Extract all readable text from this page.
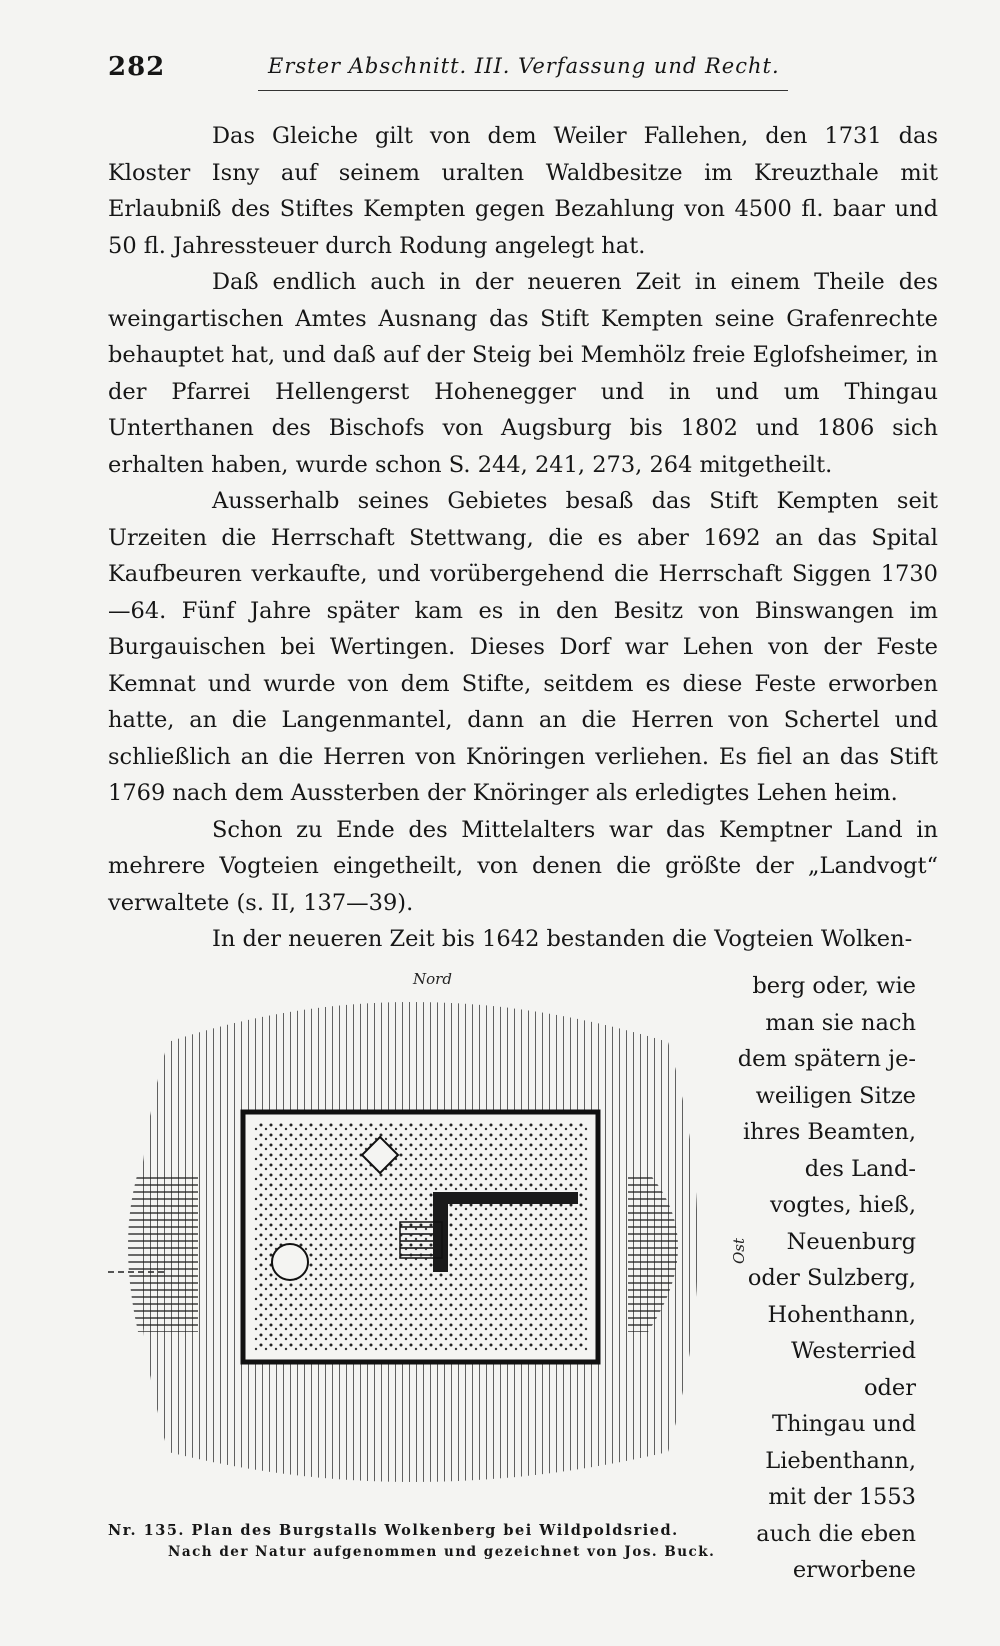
282	Erster Abschnitt. III. Verfassung und Recht.

Das Gleiche gilt von dem Weiler Fallehen, den 1731 das Kloster Isny auf seinem uralten Waldbesitze im Kreuzthale mit Erlaubniß des Stiftes Kempten gegen Bezahlung von 4500 fl. baar und 50 fl. Jahressteuer durch Rodung angelegt hat.

Daß endlich auch in der neueren Zeit in einem Theile des weingartischen Amtes Ausnang das Stift Kempten seine Grafenrechte behauptet hat, und daß auf der Steig bei Memhölz freie Eglofsheimer, in der Pfarrei Hellengerst Hohenegger und in und um Thingau Unterthanen des Bischofs von Augsburg bis 1802 und 1806 sich erhalten haben, wurde schon S. 244, 241, 273, 264 mitgetheilt.

Ausserhalb seines Gebietes besaß das Stift Kempten seit Urzeiten die Herrschaft Stettwang, die es aber 1692 an das Spital Kaufbeuren verkaufte, und vorübergehend die Herrschaft Siggen 1730—64. Fünf Jahre später kam es in den Besitz von Binswangen im Burgauischen bei Wertingen. Dieses Dorf war Lehen von der Feste Kemnat und wurde von dem Stifte, seitdem es diese Feste erworben hatte, an die Langenmantel, dann an die Herren von Schertel und schließlich an die Herren von Knöringen verliehen. Es fiel an das Stift 1769 nach dem Aussterben der Knöringer als erledigtes Lehen heim.

Schon zu Ende des Mittelalters war das Kemptner Land in mehrere Vogteien eingetheilt, von denen die größte der „Landvogt“ verwaltete (s. II, 137—39).

In der neueren Zeit bis 1642 bestanden die Vogteien Wolken-

Nord
Ost
berg oder, wie
man sie nach
dem spätern je-
weiligen Sitze
ihres Beamten,
des Land-
vogtes, hieß,
Neuenburg
oder Sulzberg,
Hohenthann,
Westerried oder
Thingau und
Liebenthann,
mit der 1553
auch die eben
erworbene
Nr. 135. Plan des Burgstalls Wolkenberg bei Wildpoldsried.
Nach der Natur aufgenommen und gezeichnet von Jos. Buck.
